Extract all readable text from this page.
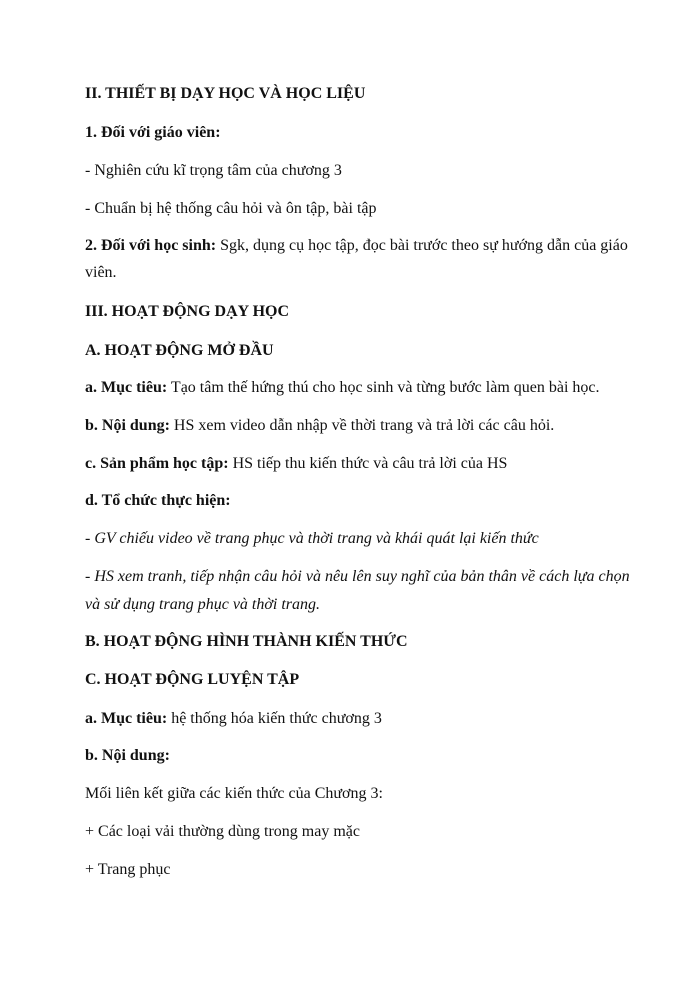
II. THIẾT BỊ DẠY HỌC VÀ HỌC LIỆU

1. Đối với giáo viên:

- Nghiên cứu kĩ trọng tâm của chương 3

- Chuẩn bị hệ thống câu hỏi và ôn tập, bài tập

2. Đối với học sinh: Sgk, dụng cụ học tập, đọc bài trước theo sự hướng dẫn của giáo

viên.

III. HOẠT ĐỘNG DẠY HỌC

A. HOẠT ĐỘNG MỞ ĐẦU

a. Mục tiêu: Tạo tâm thế hứng thú cho học sinh và từng bước làm quen bài học.

b. Nội dung: HS xem video dẫn nhập về thời trang và trả lời các câu hỏi.

c. Sản phẩm học tập: HS tiếp thu kiến thức và câu trả lời của HS

d. Tổ chức thực hiện:

- GV chiếu video về trang phục và thời trang và khái quát lại kiến thức

- HS xem tranh, tiếp nhận câu hỏi và nêu lên suy nghĩ của bản thân về cách lựa chọn

và sử dụng trang phục và thời trang.

B. HOẠT ĐỘNG HÌNH THÀNH KIẾN THỨC

C. HOẠT ĐỘNG LUYỆN TẬP

a. Mục tiêu: hệ thống hóa kiến thức chương 3

b. Nội dung:

Mối liên kết giữa các kiến thức của Chương 3:

+ Các loại vải thường dùng trong may mặc

+ Trang phục
